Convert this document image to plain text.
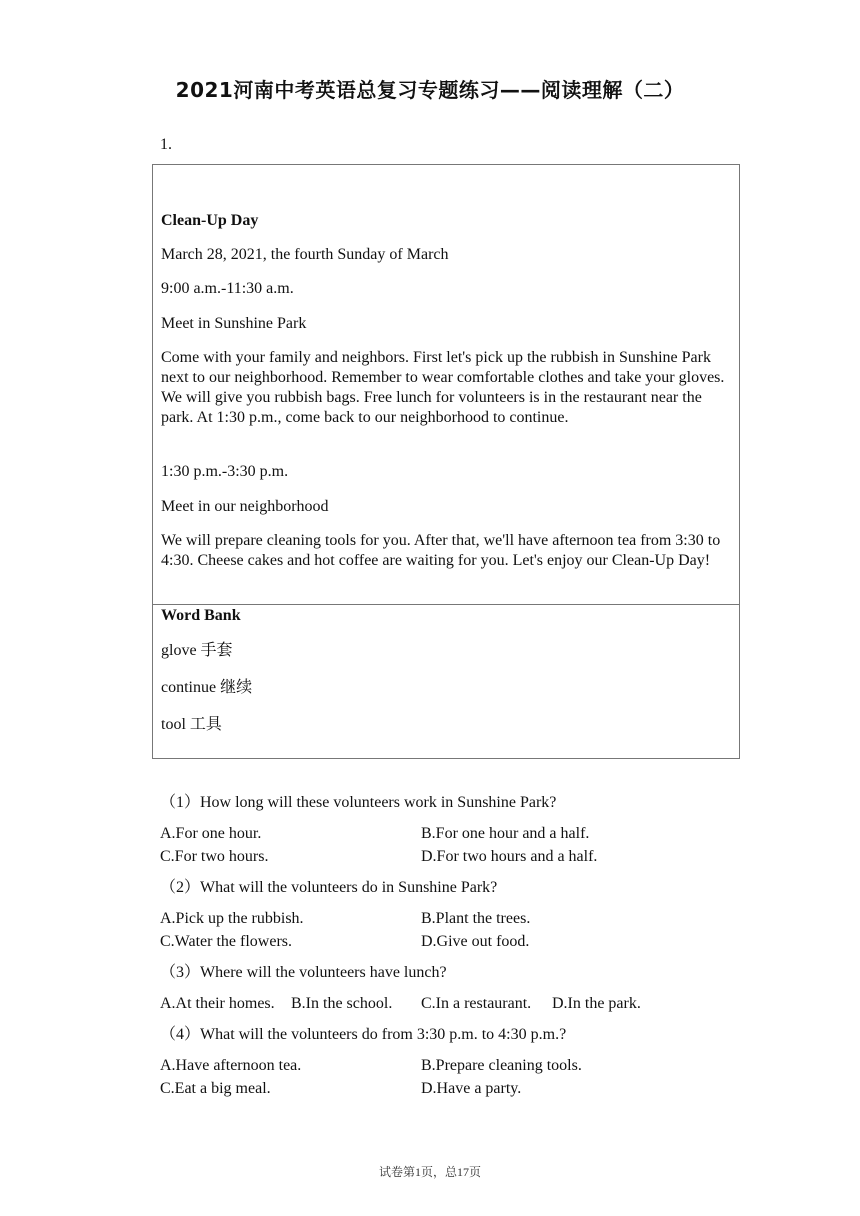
2021河南中考英语总复习专题练习——阅读理解（二）
1.

Clean-Up Day

March 28, 2021, the fourth Sunday of March

9:00 a.m.-11:30 a.m.

Meet in Sunshine Park

Come with your family and neighbors. First let's pick up the rubbish in Sunshine Park next to our neighborhood. Remember to wear comfortable clothes and take your gloves. We will give you rubbish bags. Free lunch for volunteers is in the restaurant near the park. At 1:30 p.m., come back to our neighborhood to continue.

1:30 p.m.-3:30 p.m.

Meet in our neighborhood

We will prepare cleaning tools for you. After that, we'll have afternoon tea from 3:30 to 4:30. Cheese cakes and hot coffee are waiting for you. Let's enjoy our Clean-Up Day!

Word Bank

glove 手套

continue 继续

tool 工具

（1）How long will these volunteers work in Sunshine Park?
A.For one hour.	B.For one hour and a half.
C.For two hours.	D.For two hours and a half.
（2）What will the volunteers do in Sunshine Park?
A.Pick up the rubbish.	B.Plant the trees.
C.Water the flowers.	D.Give out food.
（3）Where will the volunteers have lunch?
A.At their homes. B.In the school. C.In a restaurant. D.In the park.
（4）What will the volunteers do from 3:30 p.m. to 4:30 p.m.?
A.Have afternoon tea.	B.Prepare cleaning tools.
C.Eat a big meal.	D.Have a party.
试卷第1页，总17页
